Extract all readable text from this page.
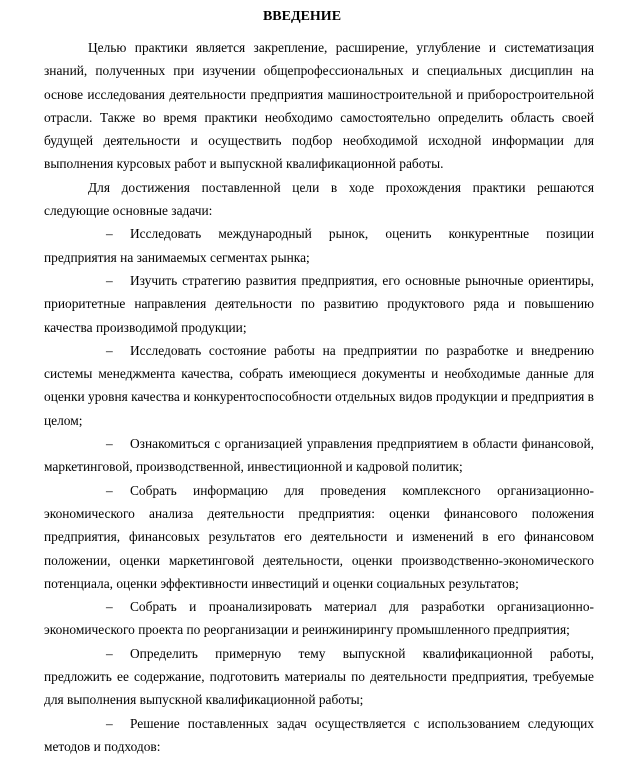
ВВЕДЕНИЕ

Целью практики является закрепление, расширение, углубление и систематизация знаний, полученных при изучении общепрофессиональных и специальных дисциплин на основе исследования деятельности предприятия машиностроительной и приборостроительной отрасли. Также во время практики необходимо самостоятельно определить область своей будущей деятельности и осуществить подбор необходимой исходной информации для выполнения курсовых работ и выпускной квалификационной работы.

Для достижения поставленной цели в ходе прохождения практики решаются следующие основные задачи:

– Исследовать международный рынок, оценить конкурентные позиции предприятия на занимаемых сегментах рынка;
– Изучить стратегию развития предприятия, его основные рыночные ориентиры, приоритетные направления деятельности по развитию продуктового ряда и повышению качества производимой продукции;
– Исследовать состояние работы на предприятии по разработке и внедрению системы менеджмента качества, собрать имеющиеся документы и необходимые данные для оценки уровня качества и конкурентоспособности отдельных видов продукции и предприятия в целом;
– Ознакомиться с организацией управления предприятием в области финансовой, маркетинговой, производственной, инвестиционной и кадровой политик;
– Собрать информацию для проведения комплексного организационно-экономического анализа деятельности предприятия: оценки финансового положения предприятия, финансовых результатов его деятельности и изменений в его финансовом положении, оценки маркетинговой деятельности, оценки производственно-экономического потенциала, оценки эффективности инвестиций и оценки социальных результатов;
– Собрать и проанализировать материал для разработки организационно-экономического проекта по реорганизации и реинжинирингу промышленного предприятия;
– Определить примерную тему выпускной квалификационной работы, предложить ее содержание, подготовить материалы по деятельности предприятия, требуемые для выполнения выпускной квалификационной работы;
– Решение поставленных задач осуществляется с использованием следующих методов и подходов:
